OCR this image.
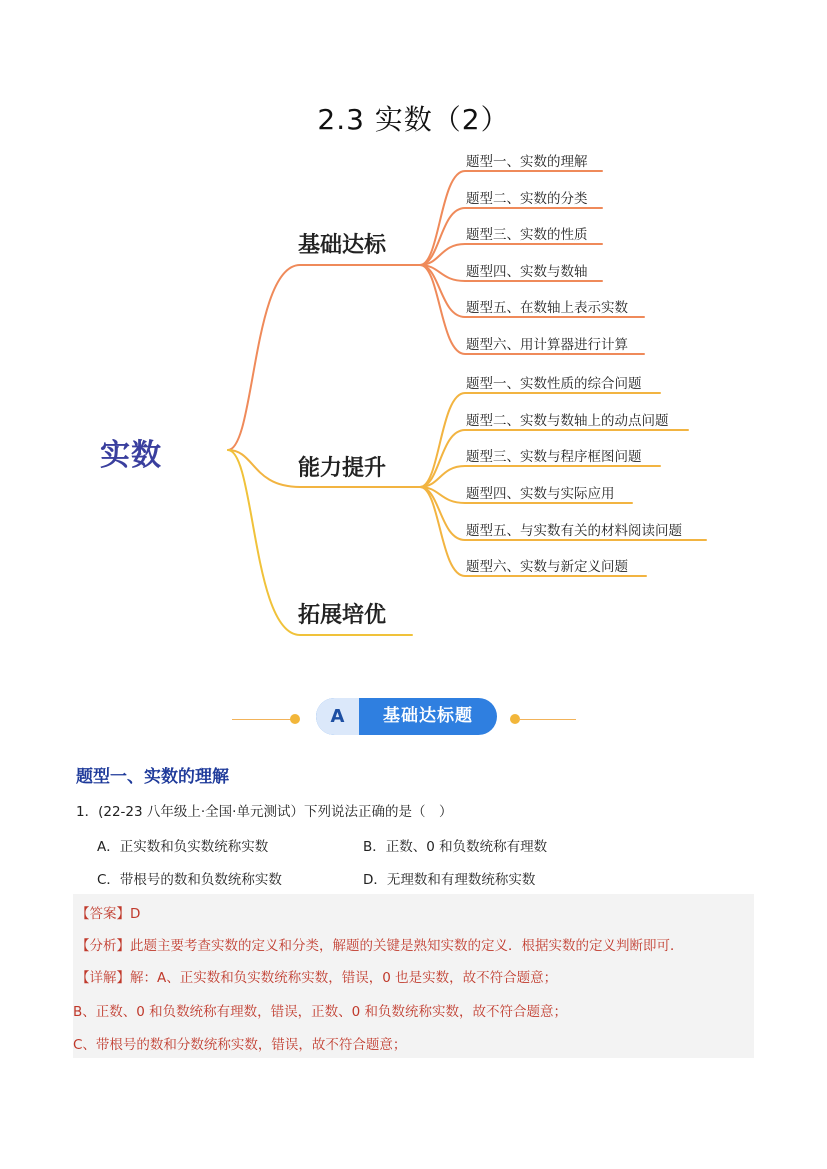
2.3 实数（2）
实数
基础达标
能力提升
拓展培优
题型一、实数的理解
题型二、实数的分类
题型三、实数的性质
题型四、实数与数轴
题型五、在数轴上表示实数
题型六、用计算器进行计算
题型一、实数性质的综合问题
题型二、实数与数轴上的动点问题
题型三、实数与程序框图问题
题型四、实数与实际应用
题型五、与实数有关的材料阅读问题
题型六、实数与新定义问题
A	基础达标题
题型一、实数的理解
1．(22-23 八年级上·全国·单元测试）下列说法正确的是（　）
A．正实数和负实数统称实数	B．正数、0 和负数统称有理数
C．带根号的数和负数统称实数	D．无理数和有理数统称实数
【答案】D
【分析】此题主要考查实数的定义和分类，解题的关键是熟知实数的定义．根据实数的定义判断即可．
【详解】解：A、正实数和负实数统称实数，错误，0 也是实数，故不符合题意；
B、正数、0 和负数统称有理数，错误，正数、0 和负数统称实数，故不符合题意；
C、带根号的数和分数统称实数，错误，故不符合题意；
